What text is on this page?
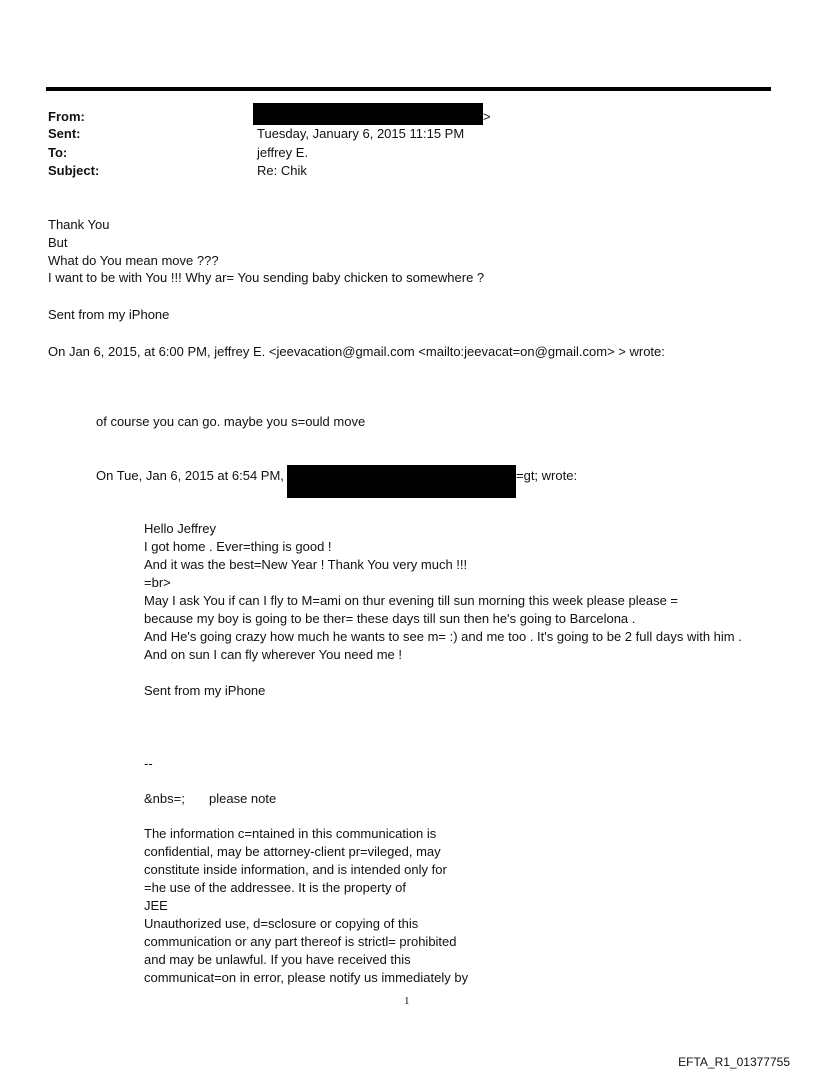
From:	>
Sent:	Tuesday, January 6, 2015 11:15 PM
To:	jeffrey E.
Subject:	Re: Chik
Thank You
But
What do You mean move ???
I want to be with You !!! Why ar= You sending baby chicken to somewhere ?
Sent from my iPhone
On Jan 6, 2015, at 6:00 PM, jeffrey E. <jeevacation@gmail.com <mailto:jeevacat=on@gmail.com> > wrote:
of course you can go. maybe you s=ould move
On Tue, Jan 6, 2015 at 6:54 PM,	=gt; wrote:
Hello Jeffrey
I got home . Ever=thing is good !
And it was the best=New Year ! Thank You very much !!!
=br>
May I ask You if can I fly to M=ami on thur evening till sun morning this week please please =
because my boy is going to be ther= these days till sun then he's going to Barcelona .
And He's going crazy how much he wants to see m= :) and me too . It's going to be 2 full days with him .
And on sun I can fly wherever You need me !
Sent from my iPhone
--
&nbs=; please note
The information c=ntained in this communication is
confidential, may be attorney-client pr=vileged, may
constitute inside information, and is intended only for
=he use of the addressee. It is the property of
JEE
Unauthorized use, d=sclosure or copying of this
communication or any part thereof is strictl= prohibited
and may be unlawful. If you have received this
communicat=on in error, please notify us immediately by
1
EFTA_R1_01377755
